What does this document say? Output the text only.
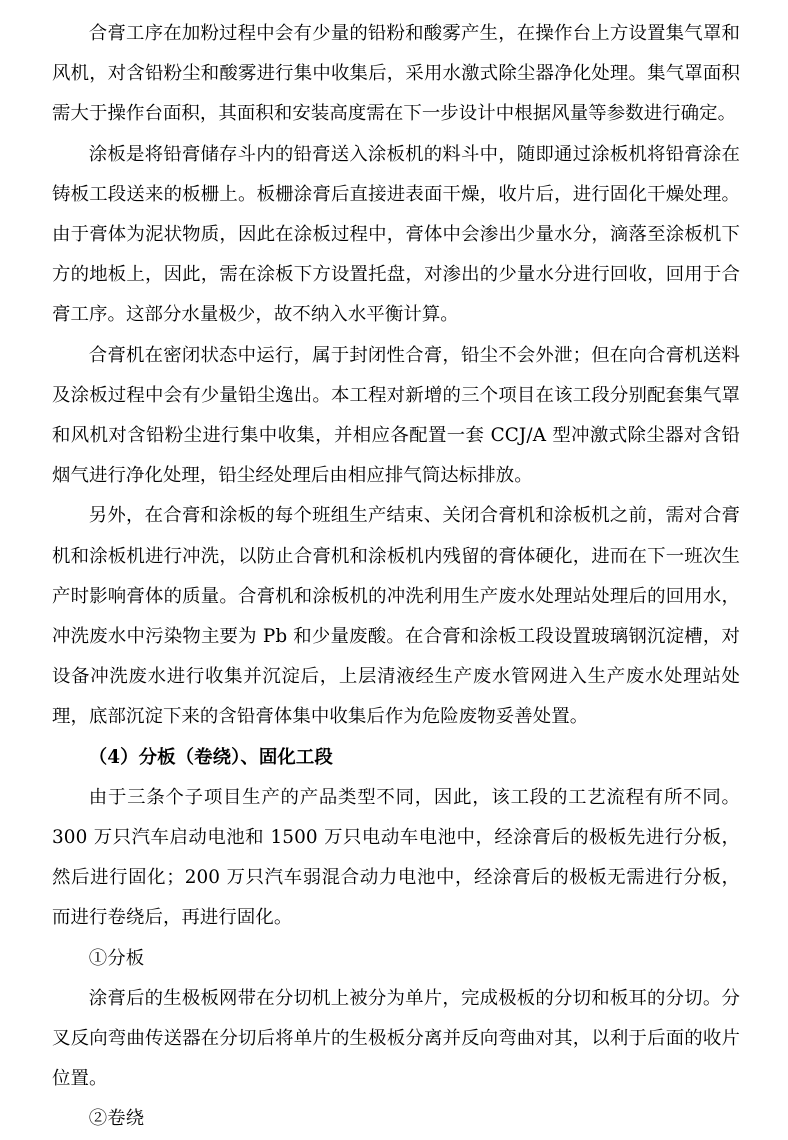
合膏工序在加粉过程中会有少量的铅粉和酸雾产生，在操作台上方设置集气罩和风机，对含铅粉尘和酸雾进行集中收集后，采用水激式除尘器净化处理。集气罩面积需大于操作台面积，其面积和安装高度需在下一步设计中根据风量等参数进行确定。

涂板是将铅膏储存斗内的铅膏送入涂板机的料斗中，随即通过涂板机将铅膏涂在铸板工段送来的板栅上。板栅涂膏后直接进表面干燥，收片后，进行固化干燥处理。由于膏体为泥状物质，因此在涂板过程中，膏体中会渗出少量水分，滴落至涂板机下方的地板上，因此，需在涂板下方设置托盘，对渗出的少量水分进行回收，回用于合膏工序。这部分水量极少，故不纳入水平衡计算。

合膏机在密闭状态中运行，属于封闭性合膏，铅尘不会外泄；但在向合膏机送料及涂板过程中会有少量铅尘逸出。本工程对新增的三个项目在该工段分别配套集气罩和风机对含铅粉尘进行集中收集，并相应各配置一套 CCJ/A 型冲激式除尘器对含铅烟气进行净化处理，铅尘经处理后由相应排气筒达标排放。

另外，在合膏和涂板的每个班组生产结束、关闭合膏机和涂板机之前，需对合膏机和涂板机进行冲洗，以防止合膏机和涂板机内残留的膏体硬化，进而在下一班次生产时影响膏体的质量。合膏机和涂板机的冲洗利用生产废水处理站处理后的回用水，冲洗废水中污染物主要为 Pb 和少量废酸。在合膏和涂板工段设置玻璃钢沉淀槽，对设备冲洗废水进行收集并沉淀后，上层清液经生产废水管网进入生产废水处理站处理，底部沉淀下来的含铅膏体集中收集后作为危险废物妥善处置。

（4）分板（卷绕）、固化工段

由于三条个子项目生产的产品类型不同，因此，该工段的工艺流程有所不同。300 万只汽车启动电池和 1500 万只电动车电池中，经涂膏后的极板先进行分板，然后进行固化；200 万只汽车弱混合动力电池中，经涂膏后的极板无需进行分板，而进行卷绕后，再进行固化。

①分板

涂膏后的生极板网带在分切机上被分为单片，完成极板的分切和板耳的分切。分叉反向弯曲传送器在分切后将单片的生极板分离并反向弯曲对其，以利于后面的收片位置。

②卷绕
